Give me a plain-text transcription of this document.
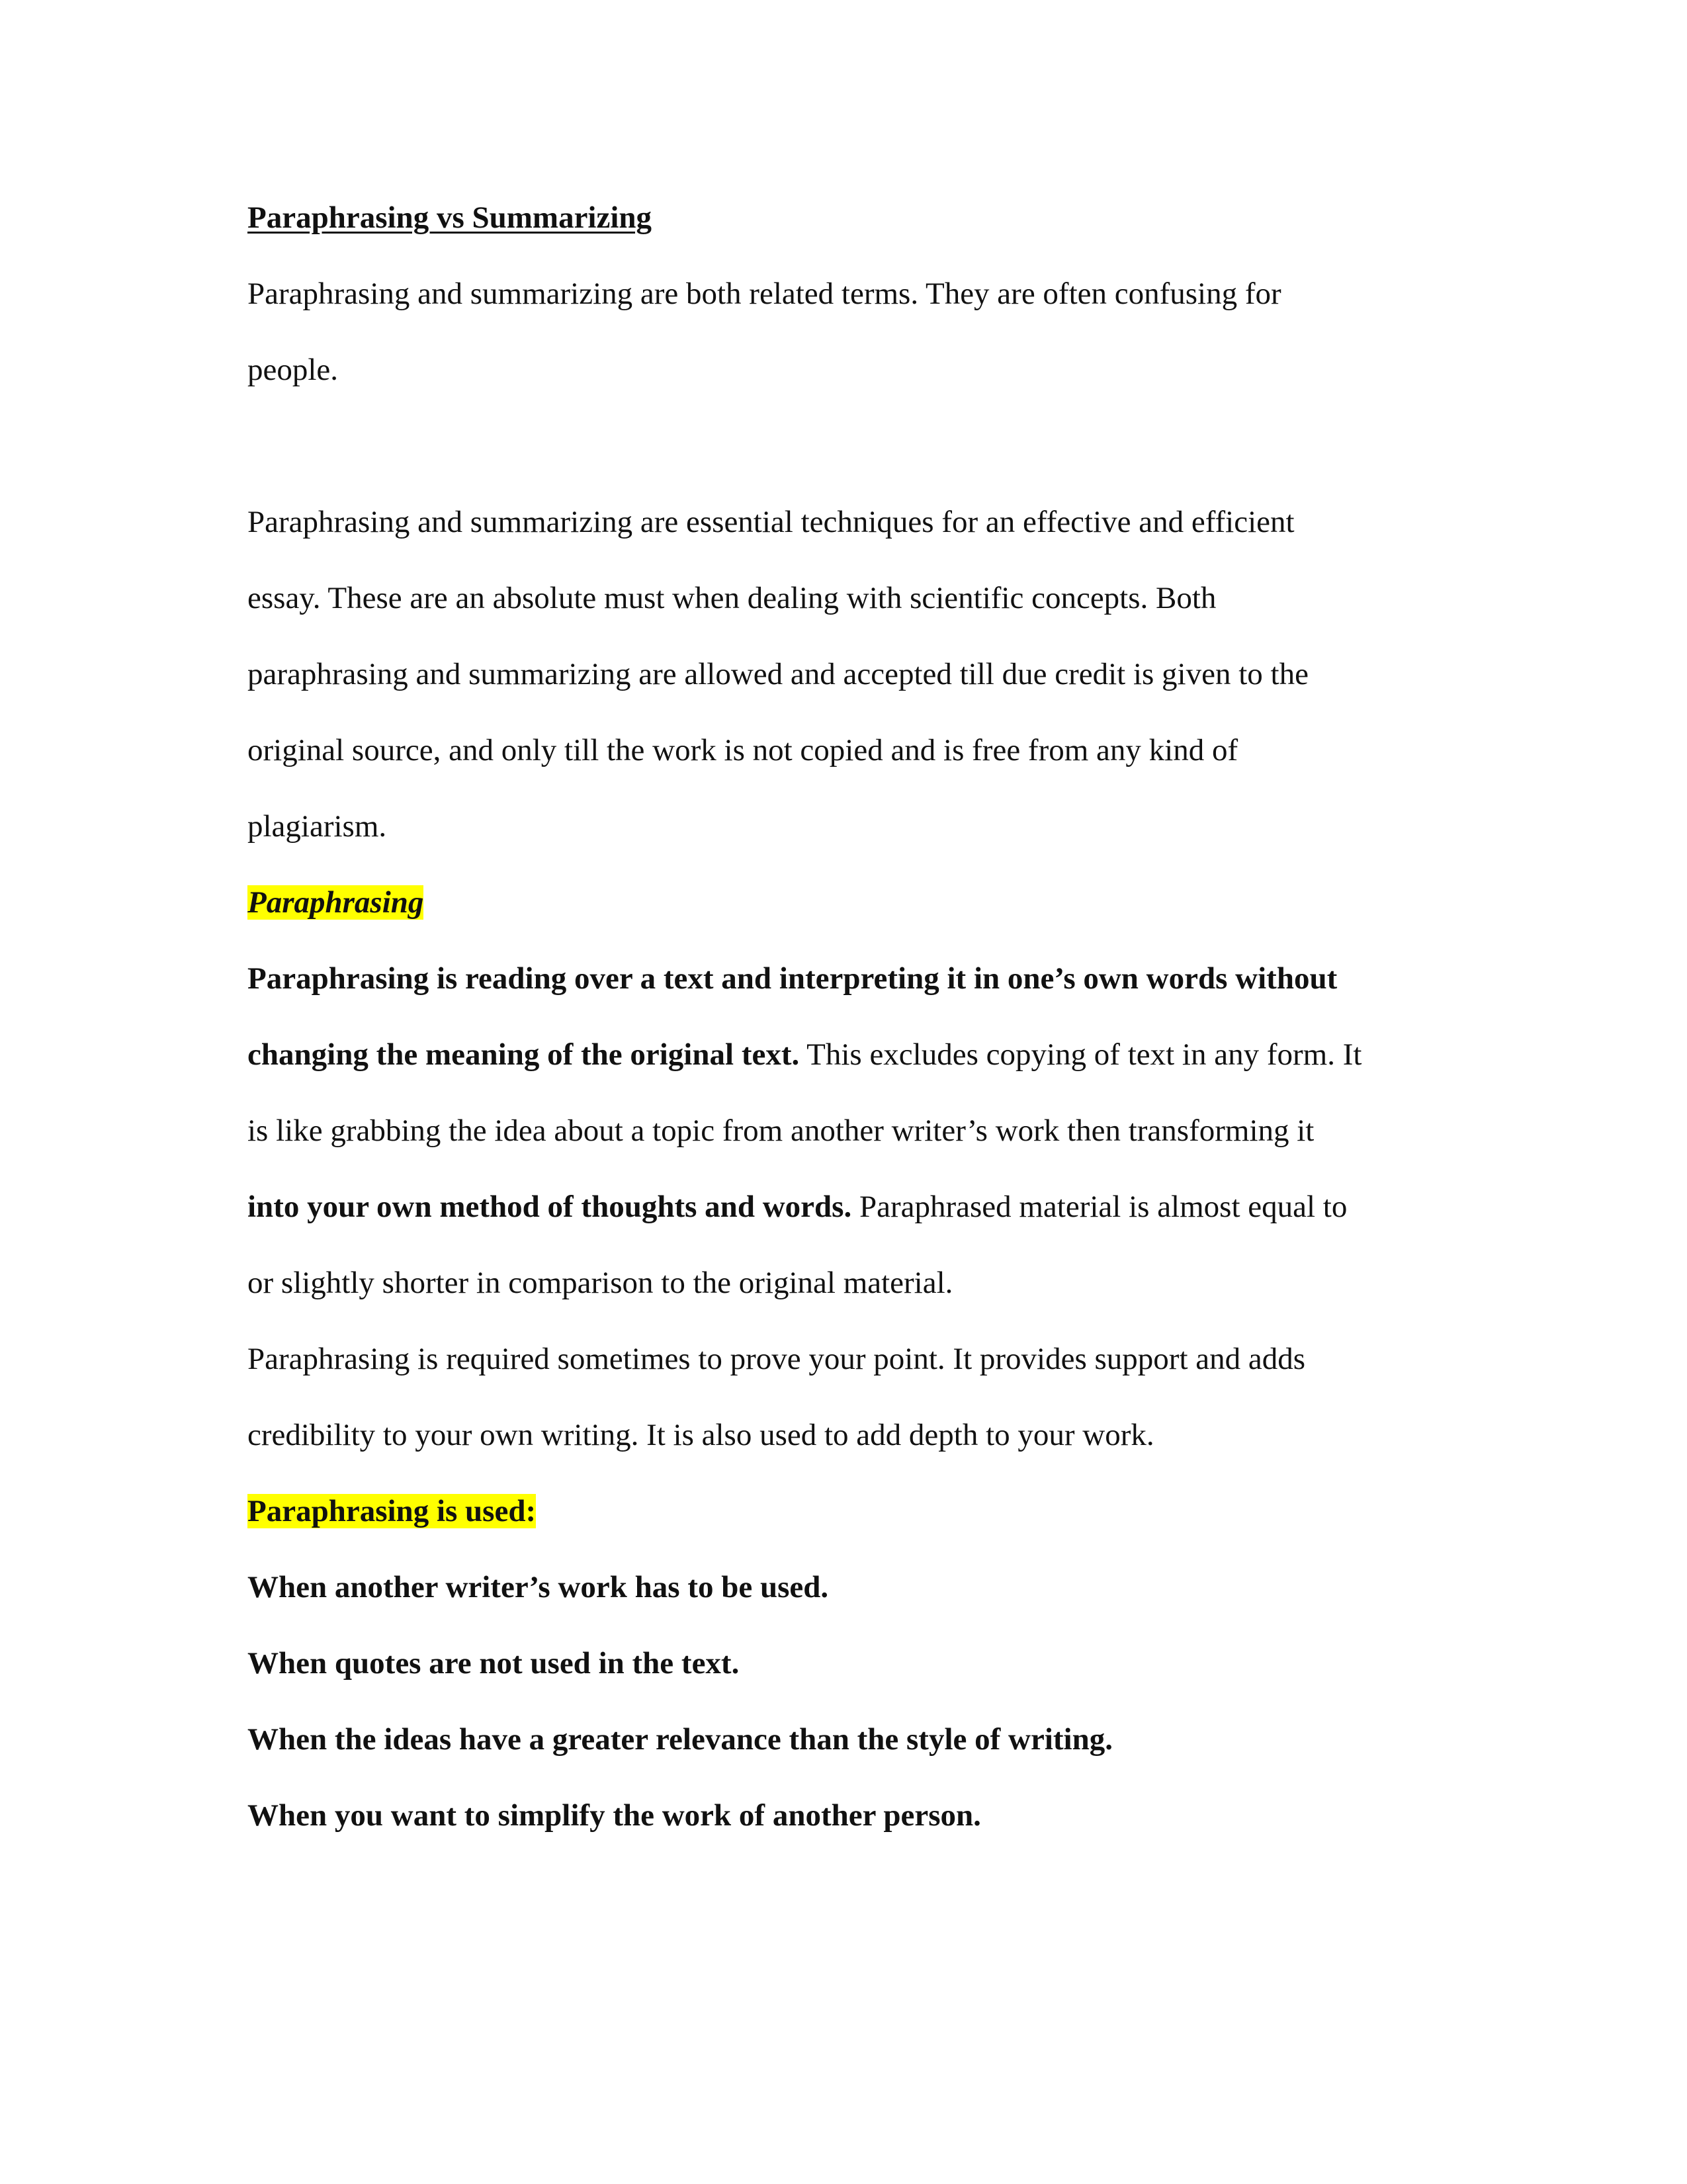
Paraphrasing vs Summarizing
Paraphrasing and summarizing are both related terms. They are often confusing for
people.
Paraphrasing and summarizing are essential techniques for an effective and efficient
essay. These are an absolute must when dealing with scientific concepts. Both
paraphrasing and summarizing are allowed and accepted till due credit is given to the
original source, and only till the work is not copied and is free from any kind of
plagiarism.
Paraphrasing
Paraphrasing is reading over a text and interpreting it in one’s own words without
changing the meaning of the original text. This excludes copying of text in any form. It
is like grabbing the idea about a topic from another writer’s work then transforming it
into your own method of thoughts and words. Paraphrased material is almost equal to
or slightly shorter in comparison to the original material.
Paraphrasing is required sometimes to prove your point. It provides support and adds
credibility to your own writing. It is also used to add depth to your work.
Paraphrasing is used:
When another writer’s work has to be used.
When quotes are not used in the text.
When the ideas have a greater relevance than the style of writing.
When you want to simplify the work of another person.
